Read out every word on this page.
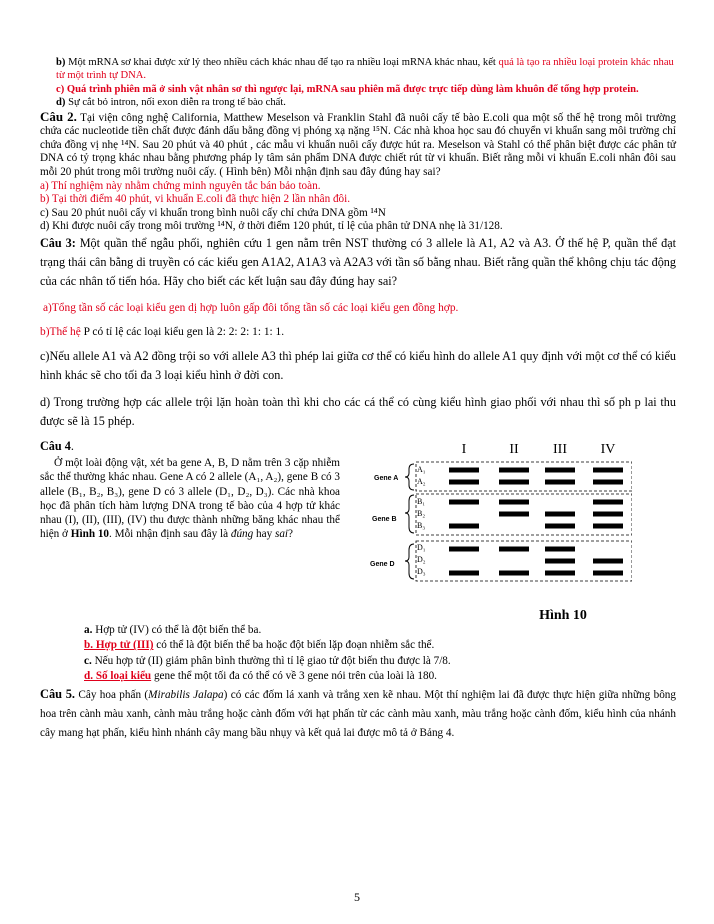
b) Một mRNA sơ khai được xử lý theo nhiều cách khác nhau để tạo ra nhiều loại mRNA khác nhau, kết quả là tạo ra nhiều loại protein khác nhau từ một trình tự DNA.

c) Quá trình phiên mã ở sinh vật nhân sơ thì ngược lại, mRNA sau phiên mã được trực tiếp dùng làm khuôn để tổng hợp protein.

d) Sự cắt bỏ intron, nối exon diễn ra trong tế bào chất.

Câu 2. Tại viện công nghệ California, Matthew Meselson và Franklin Stahl đã nuôi cấy tế bào E.coli qua một số thế hệ trong môi trường chứa các nucleotide tiền chất được đánh dấu bằng đồng vị phóng xạ nặng ¹⁵N. Các nhà khoa học sau đó chuyển vi khuẩn sang môi trường chỉ chứa đồng vị nhẹ ¹⁴N. Sau 20 phút và 40 phút , các mẫu vi khuẩn nuôi cấy được hút ra. Meselson và Stahl có thể phân biệt được các phân tử DNA có tỷ trọng khác nhau bằng phương pháp ly tâm sản phẩm DNA được chiết rút từ vi khuẩn. Biết rằng mỗi vi khuẩn E.coli nhân đôi sau mỗi 20 phút trong môi trường nuôi cấy. ( Hình bên) Mỗi nhận định sau đây đúng hay sai?

a) Thí nghiệm này nhằm chứng minh nguyên tắc bán bảo toàn.

b) Tại thời điểm 40 phút, vi khuẩn E.coli đã thực hiện 2 lần nhân đôi.

c) Sau 20 phút nuôi cấy vi khuẩn trong bình nuôi cấy chỉ chứa DNA gồm ¹⁴N

d) Khi được nuôi cấy trong môi trường ¹⁴N, ở thời điểm 120 phút, tỉ lệ của phân tử DNA nhẹ là 31/128.

Câu 3: Một quần thể ngẫu phối, nghiên cứu 1 gen nằm trên NST thường có 3 allele là A1, A2 và A3. Ở thế hệ P, quần thể đạt trạng thái cân bằng di truyền có các kiểu gen A1A2, A1A3 và A2A3 với tần số bằng nhau. Biết rằng quần thể không chịu tác động của các nhân tố tiến hóa. Hãy cho biết các kết luận sau đây đúng hay sai?

a)Tổng tần số các loại kiểu gen dị hợp luôn gấp đôi tổng tần số các loại kiểu gen đồng hợp.

b)Thế hệ P có tỉ lệ các loại kiểu gen là 2: 2: 2: 1: 1: 1.

c)Nếu allele A1 và A2 đồng trội so với allele A3 thì phép lai giữa cơ thể có kiểu hình do allele A1 quy định với một cơ thể có kiểu hình khác sẽ cho tối đa 3 loại kiểu hình ở đời con.

d) Trong trường hợp các allele trội lặn hoàn toàn thì khi cho các cá thể có cùng kiểu hình giao phối với nhau thì số ph p lai thu được sẽ là 15 phép.

Câu 4.

Ở một loài động vật, xét ba gene A, B, D nằm trên 3 cặp nhiễm sắc thể thường khác nhau. Gene A có 2 allele (A₁, A₂), gene B có 3 allele (B₁, B₂, B₃), gene D có 3 allele (D₁, D₂, D₃). Các nhà khoa học đã phân tích hàm lượng DNA trong tế bào của 4 hợp tử khác nhau (I), (II), (III), (IV) thu được thành những băng khác nhau thể hiện ở Hình 10. Mỗi nhận định sau đây là đúng hay sai?

I	II III IV
Gene A
Gene B
Gene D
A₁
A₂
B₁
B₂
B₃
D₁
D₂
D₃
Hình 10

a. Hợp tử (IV) có thể là đột biến thể ba.

b. Hợp tử (III) có thể là đột biến thể ba hoặc đột biến lặp đoạn nhiễm sắc thể.

c. Nếu hợp tử (II) giảm phân bình thường thì tỉ lệ giao tử đột biến thu được là 7/8.

d. Số loại kiểu gene thể một tối đa có thể có về 3 gene nói trên của loài là 180.

Câu 5. Cây hoa phấn (Mirabilis Jalapa) có các đốm lá xanh và trắng xen kẽ nhau. Một thí nghiệm lai đã được thực hiện giữa những bông hoa trên cành màu xanh, cành màu trắng hoặc cành đốm với hạt phấn từ các cành màu xanh, màu trắng hoặc cành đốm, kiểu hình của nhánh cây mang hạt phấn, kiểu hình nhánh cây mang bầu nhụy và kết quả lai được mô tả ở Bảng 4.

5
